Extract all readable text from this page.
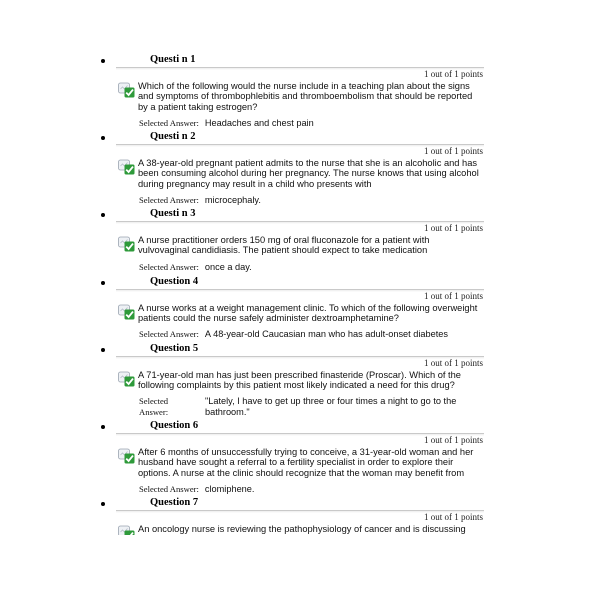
Questi n 1
1 out of 1 points
Which of the following would the nurse include in a teaching plan about the signs and symptoms of thrombophlebitis and thromboembolism that should be reported by a patient taking estrogen?
Selected Answer: Headaches and chest pain
Questi n 2
1 out of 1 points
A 38-year-old pregnant patient admits to the nurse that she is an alcoholic and has been consuming alcohol during her pregnancy. The nurse knows that using alcohol during pregnancy may result in a child who presents with
Selected Answer: microcephaly.
Questi n 3
1 out of 1 points
A nurse practitioner orders 150 mg of oral fluconazole for a patient with vulvovaginal candidiasis. The patient should expect to take medication
Selected Answer: once a day.
Question 4
1 out of 1 points
A nurse works at a weight management clinic. To which of the following overweight patients could the nurse safely administer dextroamphetamine?
Selected Answer: A 48-year-old Caucasian man who has adult-onset diabetes
Question 5
1 out of 1 points
A 71-year-old man has just been prescribed finasteride (Proscar). Which of the following complaints by this patient most likely indicated a need for this drug?
Selected
Answer:
"Lately, I have to get up three or four times a night to go to the bathroom."
Question 6
1 out of 1 points
After 6 months of unsuccessfully trying to conceive, a 31-year-old woman and her husband have sought a referral to a fertility specialist in order to explore their options. A nurse at the clinic should recognize that the woman may benefit from
Selected Answer: clomiphene.
Question 7
1 out of 1 points
An oncology nurse is reviewing the pathophysiology of cancer and is discussing
